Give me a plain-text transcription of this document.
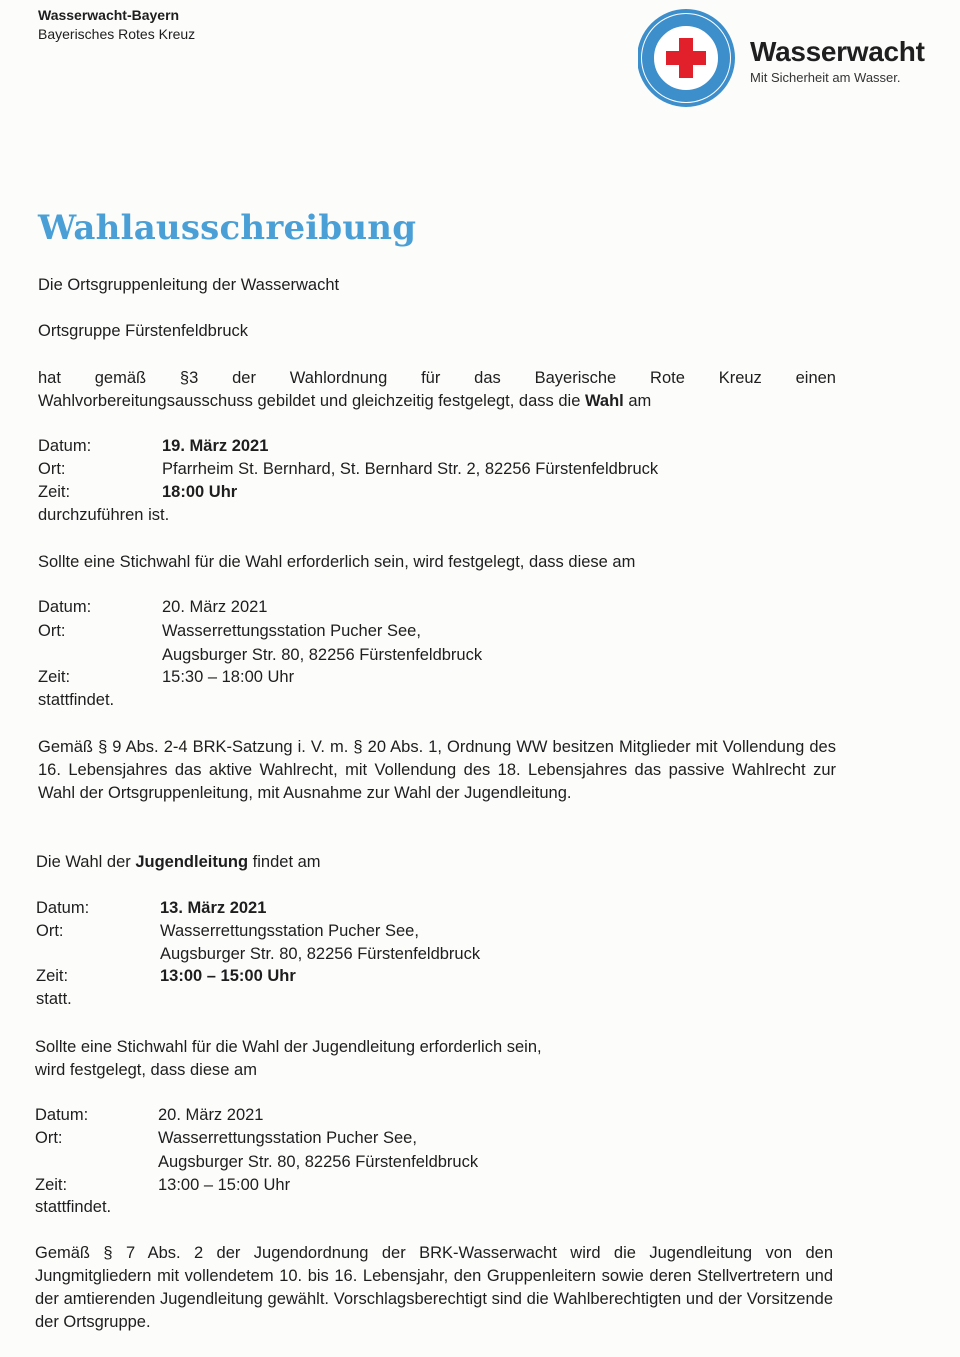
Wasserwacht-Bayern
Bayerisches Rotes Kreuz
Wasserwacht
Mit Sicherheit am Wasser.
Wahlausschreibung
Die Ortsgruppenleitung der Wasserwacht
Ortsgruppe Fürstenfeldbruck
hat gemäß §3 der Wahlordnung für das Bayerische Rote Kreuz einen
Wahlvorbereitungsausschuss gebildet und gleichzeitig festgelegt, dass die Wahl am
Datum:	19. März 2021
Ort:	Pfarrheim St. Bernhard, St. Bernhard Str. 2, 82256 Fürstenfeldbruck
Zeit:	18:00 Uhr
durchzuführen ist.
Sollte eine Stichwahl für die Wahl erforderlich sein, wird festgelegt, dass diese am
Datum:	20. März 2021
Ort:	Wasserrettungsstation Pucher See,
Augsburger Str. 80, 82256 Fürstenfeldbruck
Zeit:	15:30 – 18:00 Uhr
stattfindet.
Gemäß § 9 Abs. 2-4 BRK-Satzung i. V. m. § 20 Abs. 1, Ordnung WW besitzen Mitglieder mit Vollendung des 16. Lebensjahres das aktive Wahlrecht, mit Vollendung des 18. Lebensjahres das passive Wahlrecht zur Wahl der Ortsgruppenleitung, mit Ausnahme zur Wahl der Jugendleitung.
Die Wahl der Jugendleitung findet am
Datum:	13. März 2021
Ort:	Wasserrettungsstation Pucher See,
Augsburger Str. 80, 82256 Fürstenfeldbruck
Zeit:	13:00 – 15:00 Uhr
statt.
Sollte eine Stichwahl für die Wahl der Jugendleitung erforderlich sein,
wird festgelegt, dass diese am
Datum:	20. März 2021
Ort:	Wasserrettungsstation Pucher See,
Augsburger Str. 80, 82256 Fürstenfeldbruck
Zeit:	13:00 – 15:00 Uhr
stattfindet.
Gemäß § 7 Abs. 2 der Jugendordnung der BRK-Wasserwacht wird die Jugendleitung von den Jungmitgliedern mit vollendetem 10. bis 16. Lebensjahr, den Gruppenleitern sowie deren Stellvertretern und der amtierenden Jugendleitung gewählt. Vorschlagsberechtigt sind die Wahlberechtigten und der Vorsitzende der Ortsgruppe.
